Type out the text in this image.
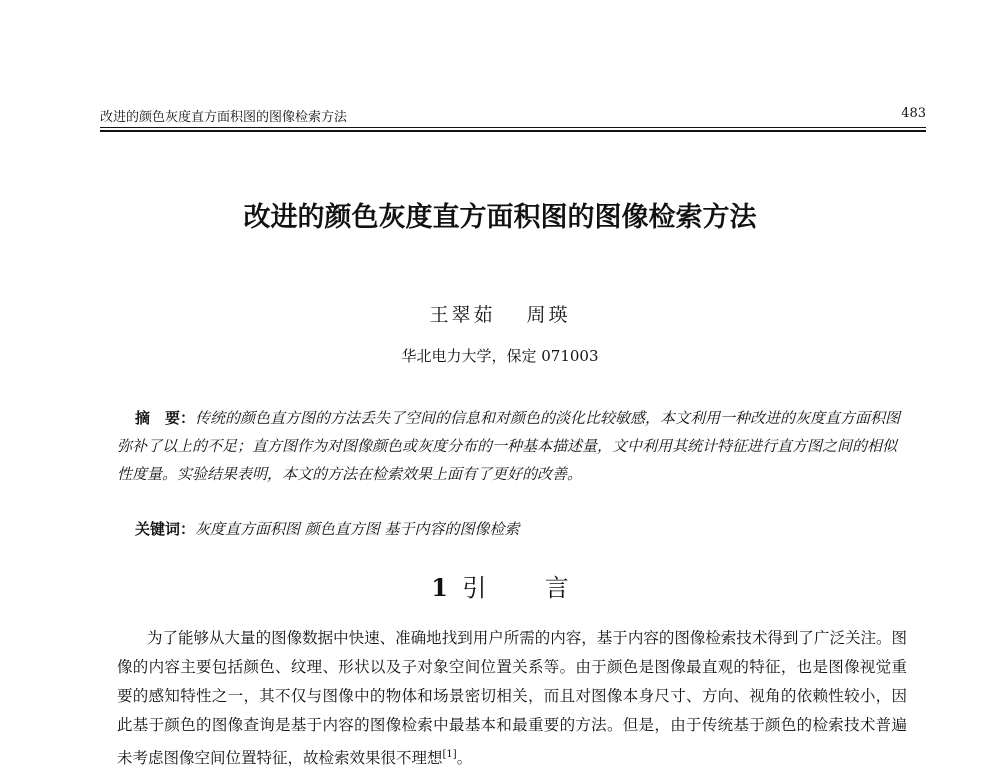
改进的颜色灰度直方面积图的图像检索方法	483
改进的颜色灰度直方面积图的图像检索方法
王翠茹 周瑛
华北电力大学，保定 071003
摘　要：传统的颜色直方图的方法丢失了空间的信息和对颜色的淡化比较敏感，本文利用一种改进的灰度直方面积图弥补了以上的不足；直方图作为对图像颜色或灰度分布的一种基本描述量，文中利用其统计特征进行直方图之间的相似性度量。实验结果表明，本文的方法在检索效果上面有了更好的改善。
关键词：灰度直方面积图 颜色直方图 基于内容的图像检索
1 引 言
为了能够从大量的图像数据中快速、准确地找到用户所需的内容，基于内容的图像检索技术得到了广泛关注。图像的内容主要包括颜色、纹理、形状以及子对象空间位置关系等。由于颜色是图像最直观的特征，也是图像视觉重要的感知特性之一，其不仅与图像中的物体和场景密切相关，而且对图像本身尺寸、方向、视角的依赖性较小，因此基于颜色的图像查询是基于内容的图像检索中最基本和最重要的方法。但是，由于传统基于颜色的检索技术普遍未考虑图像空间位置特征，故检索效果很不理想[1]。
